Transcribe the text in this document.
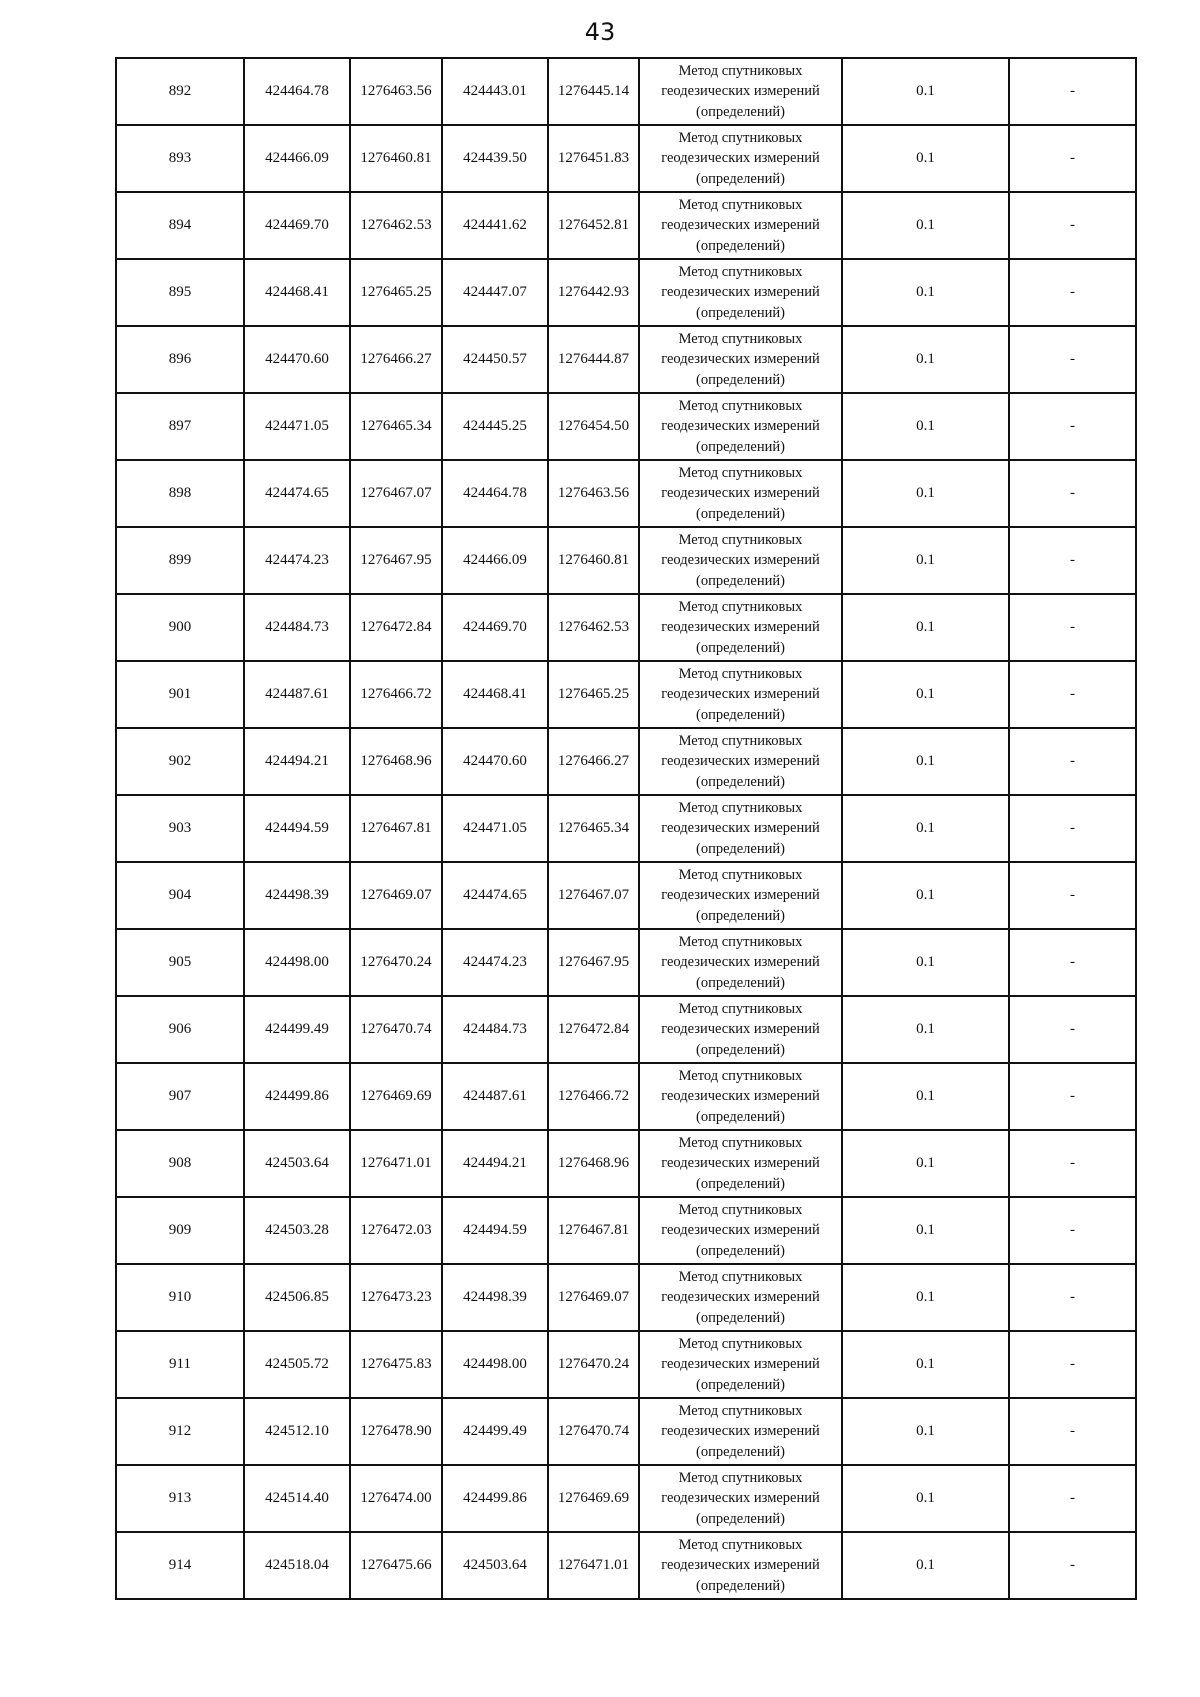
43
892	424464.78	1276463.56	424443.01	1276445.14	Метод спутниковых
геодезических измерений
(определений)	0.1	-
893	424466.09	1276460.81	424439.50	1276451.83	Метод спутниковых
геодезических измерений
(определений)	0.1	-
894	424469.70	1276462.53	424441.62	1276452.81	Метод спутниковых
геодезических измерений
(определений)	0.1	-
895	424468.41	1276465.25	424447.07	1276442.93	Метод спутниковых
геодезических измерений
(определений)	0.1	-
896	424470.60	1276466.27	424450.57	1276444.87	Метод спутниковых
геодезических измерений
(определений)	0.1	-
897	424471.05	1276465.34	424445.25	1276454.50	Метод спутниковых
геодезических измерений
(определений)	0.1	-
898	424474.65	1276467.07	424464.78	1276463.56	Метод спутниковых
геодезических измерений
(определений)	0.1	-
899	424474.23	1276467.95	424466.09	1276460.81	Метод спутниковых
геодезических измерений
(определений)	0.1	-
900	424484.73	1276472.84	424469.70	1276462.53	Метод спутниковых
геодезических измерений
(определений)	0.1	-
901	424487.61	1276466.72	424468.41	1276465.25	Метод спутниковых
геодезических измерений
(определений)	0.1	-
902	424494.21	1276468.96	424470.60	1276466.27	Метод спутниковых
геодезических измерений
(определений)	0.1	-
903	424494.59	1276467.81	424471.05	1276465.34	Метод спутниковых
геодезических измерений
(определений)	0.1	-
904	424498.39	1276469.07	424474.65	1276467.07	Метод спутниковых
геодезических измерений
(определений)	0.1	-
905	424498.00	1276470.24	424474.23	1276467.95	Метод спутниковых
геодезических измерений
(определений)	0.1	-
906	424499.49	1276470.74	424484.73	1276472.84	Метод спутниковых
геодезических измерений
(определений)	0.1	-
907	424499.86	1276469.69	424487.61	1276466.72	Метод спутниковых
геодезических измерений
(определений)	0.1	-
908	424503.64	1276471.01	424494.21	1276468.96	Метод спутниковых
геодезических измерений
(определений)	0.1	-
909	424503.28	1276472.03	424494.59	1276467.81	Метод спутниковых
геодезических измерений
(определений)	0.1	-
910	424506.85	1276473.23	424498.39	1276469.07	Метод спутниковых
геодезических измерений
(определений)	0.1	-
911	424505.72	1276475.83	424498.00	1276470.24	Метод спутниковых
геодезических измерений
(определений)	0.1	-
912	424512.10	1276478.90	424499.49	1276470.74	Метод спутниковых
геодезических измерений
(определений)	0.1	-
913	424514.40	1276474.00	424499.86	1276469.69	Метод спутниковых
геодезических измерений
(определений)	0.1	-
914	424518.04	1276475.66	424503.64	1276471.01	Метод спутниковых
геодезических измерений
(определений)	0.1	-
